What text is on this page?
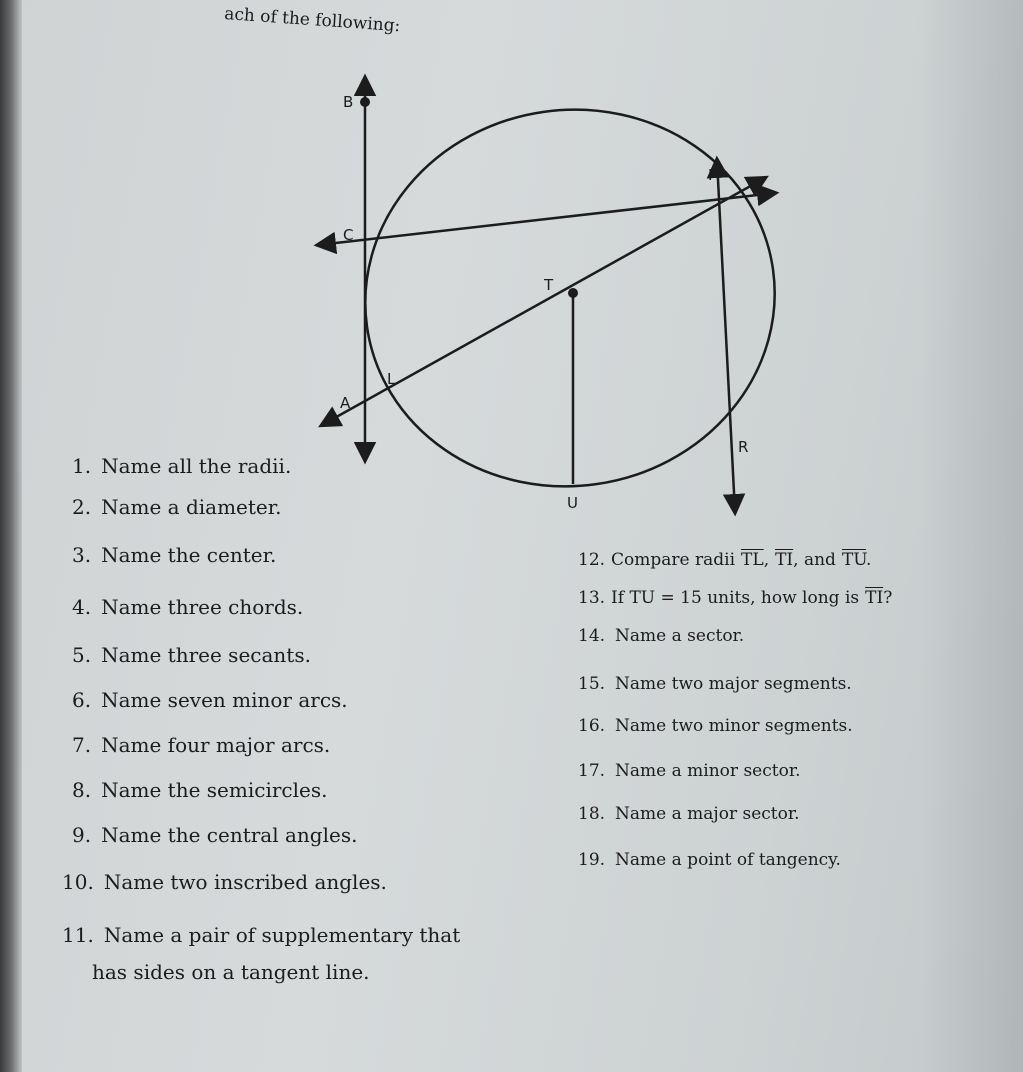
ach of the following:
B
C
I
T
L
A
R
U
1. Name all the radii.
2. Name a diameter.
3. Name the center.
4. Name three chords.
5. Name three secants.
6. Name seven minor arcs.
7. Name four major arcs.
8. Name the semicircles.
9. Name the central angles.
10. Name two inscribed angles.
11. Name a pair of supplementary that
has sides on a tangent line.
12. Compare radii $\overline{TL}$, $\overline{TI}$, and $\overline{TU}$.
13. If TU = 15 units, how long is $\overline{TI}$?
14. Name a sector.
15. Name two major segments.
16. Name two minor segments.
17. Name a minor sector.
18. Name a major sector.
19. Name a point of tangency.
